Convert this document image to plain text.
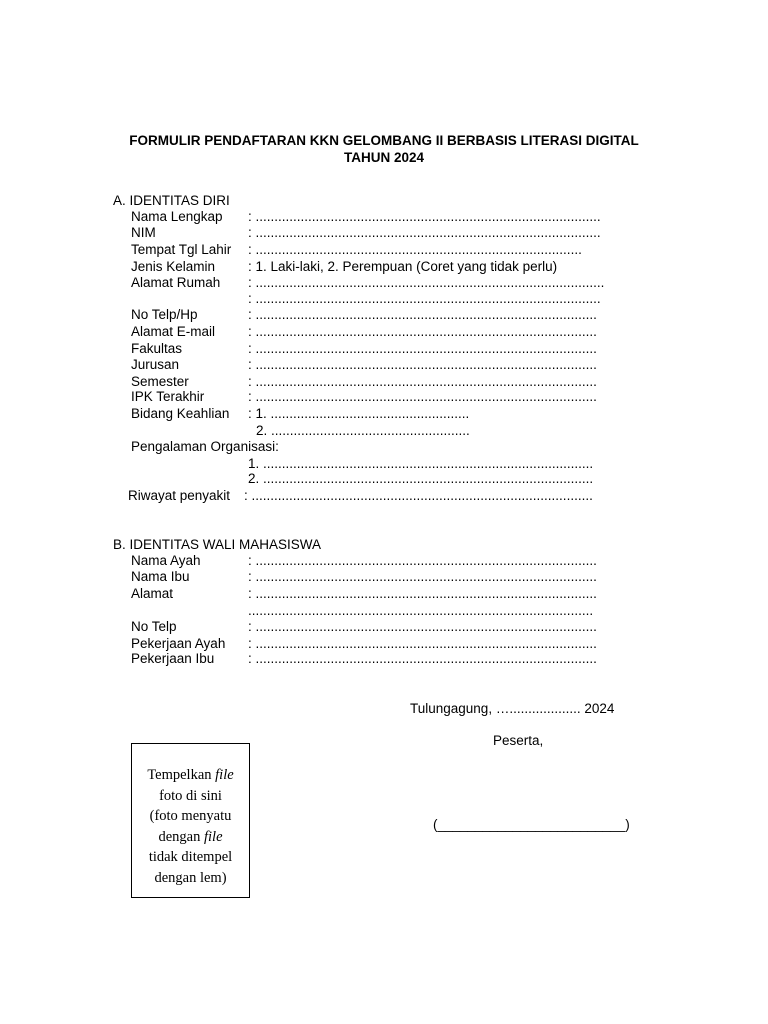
FORMULIR PENDAFTARAN KKN GELOMBANG II BERBASIS LITERASI DIGITAL
TAHUN 2024
A. IDENTITAS DIRI
Nama Lengkap : ............................................................................................
NIM	: ............................................................................................
Tempat Tgl Lahir : .......................................................................................
Jenis Kelamin : 1. Laki-laki, 2. Perempuan (Coret yang tidak perlu)
Alamat Rumah : .............................................................................................
: ............................................................................................
No Telp/Hp	: ...........................................................................................
Alamat E-mail : ...........................................................................................
Fakultas	: ...........................................................................................
Jurusan	: ...........................................................................................
Semester	: ...........................................................................................
IPK Terakhir	: ...........................................................................................
Bidang Keahlian : 1. .....................................................
2. .....................................................
Pengalaman Organisasi:
1. ........................................................................................
2. ........................................................................................
Riwayat penyakit : ...........................................................................................
B. IDENTITAS WALI MAHASISWA
Nama Ayah	: ...........................................................................................
Nama Ibu	: ...........................................................................................
Alamat	: ...........................................................................................
............................................................................................
No Telp	: ...........................................................................................
Pekerjaan Ayah : ...........................................................................................
Pekerjaan Ibu : ...........................................................................................
Tulungagung, …................... 2024
Peserta,
(_________________________)
Tempelkan file
foto di sini
(foto menyatu
dengan file
tidak ditempel
dengan lem)
